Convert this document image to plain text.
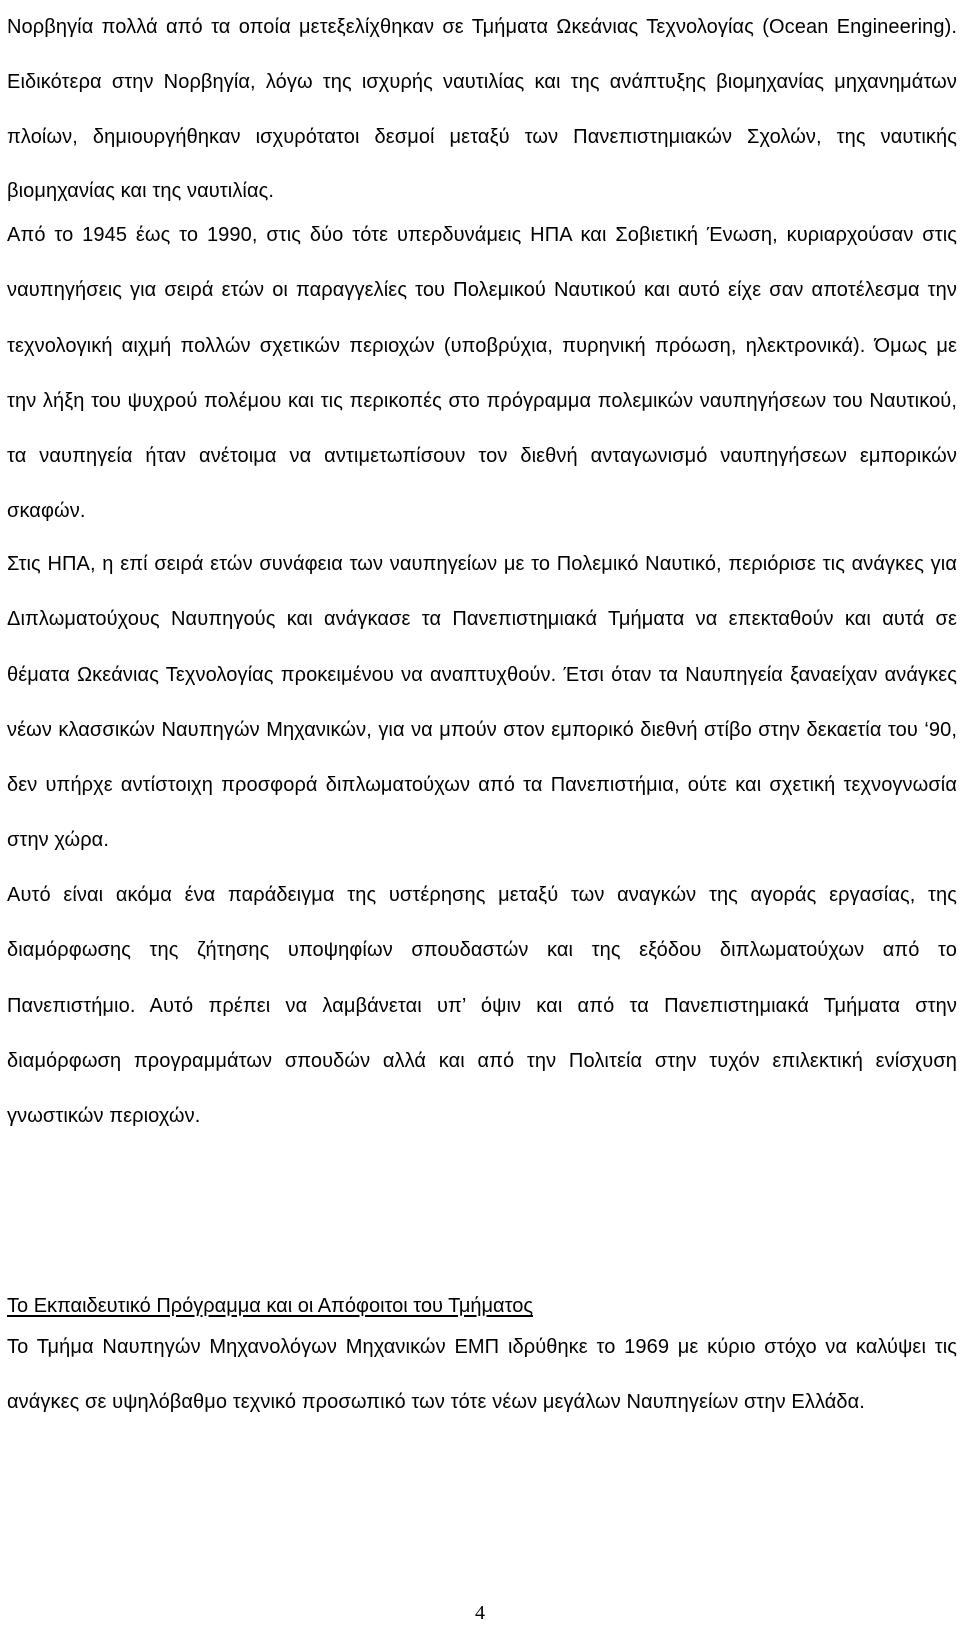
Νορβηγία πολλά από τα οποία μετεξελίχθηκαν σε Τμήματα Ωκεάνιας Τεχνολογίας (Ocean Engineering). Ειδικότερα στην Νορβηγία, λόγω της ισχυρής ναυτιλίας και της ανάπτυξης βιομηχανίας μηχανημάτων πλοίων, δημιουργήθηκαν ισχυρότατοι δεσμοί μεταξύ των Πανεπιστημιακών Σχολών, της ναυτικής βιομηχανίας και της ναυτιλίας.

Από το 1945 έως το 1990, στις δύο τότε υπερδυνάμεις ΗΠΑ και Σοβιετική Ένωση, κυριαρχούσαν στις ναυπηγήσεις για σειρά ετών οι παραγγελίες του Πολεμικού Ναυτικού και αυτό είχε σαν αποτέλεσμα την τεχνολογική αιχμή πολλών σχετικών περιοχών (υποβρύχια, πυρηνική πρόωση, ηλεκτρονικά). Όμως με την λήξη του ψυχρού πολέμου και τις περικοπές στο πρόγραμμα πολεμικών ναυπηγήσεων του Ναυτικού, τα ναυπηγεία ήταν ανέτοιμα να αντιμετωπίσουν τον διεθνή ανταγωνισμό ναυπηγήσεων εμπορικών σκαφών.

Στις ΗΠΑ, η επί σειρά ετών συνάφεια των ναυπηγείων με το Πολεμικό Ναυτικό, περιόρισε τις ανάγκες για Διπλωματούχους Ναυπηγούς και ανάγκασε τα Πανεπιστημιακά Τμήματα να επεκταθούν και αυτά σε θέματα Ωκεάνιας Τεχνολογίας προκειμένου να αναπτυχθούν. Έτσι όταν τα Ναυπηγεία ξαναείχαν ανάγκες νέων κλασσικών Ναυπηγών Μηχανικών, για να μπούν στον εμπορικό διεθνή στίβο στην δεκαετία του ‘90, δεν υπήρχε αντίστοιχη προσφορά διπλωματούχων από τα Πανεπιστήμια, ούτε και σχετική τεχνογνωσία στην χώρα.

Αυτό είναι ακόμα ένα παράδειγμα της υστέρησης μεταξύ των αναγκών της αγοράς εργασίας, της διαμόρφωσης της ζήτησης υποψηφίων σπουδαστών και της εξόδου διπλωματούχων από το Πανεπιστήμιο. Αυτό πρέπει να λαμβάνεται υπ’ όψιν και από τα Πανεπιστημιακά Τμήματα στην διαμόρφωση προγραμμάτων σπουδών αλλά και από την Πολιτεία στην τυχόν επιλεκτική ενίσχυση γνωστικών περιοχών.

Το Εκπαιδευτικό Πρόγραμμα και οι Απόφοιτοι του Τμήματος

Το Τμήμα Ναυπηγών Μηχανολόγων Μηχανικών ΕΜΠ ιδρύθηκε το 1969 με κύριο στόχο να καλύψει τις ανάγκες σε υψηλόβαθμο τεχνικό προσωπικό των τότε νέων μεγάλων Ναυπηγείων στην Ελλάδα.

4
